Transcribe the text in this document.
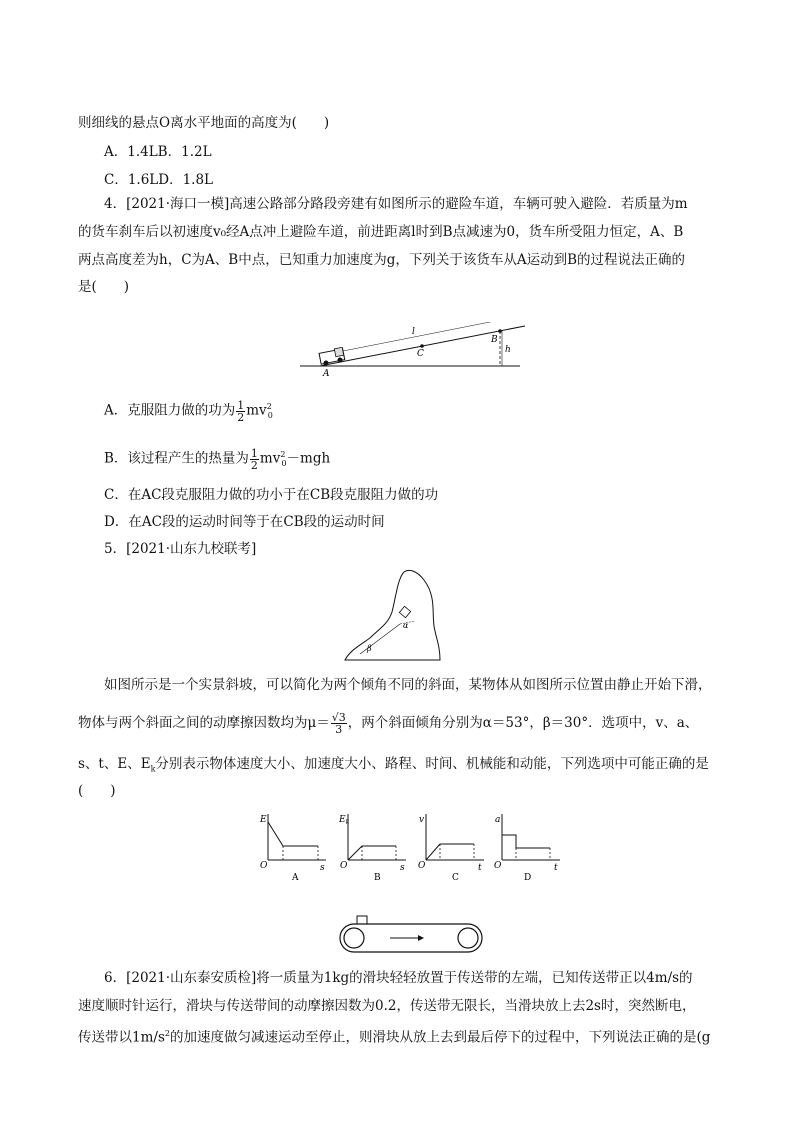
则细线的悬点O离水平地面的高度为(　　)
A．1.4LB．1.2L
C．1.6LD．1.8L
4．[2021·海口一模]高速公路部分路段旁建有如图所示的避险车道，车辆可驶入避险．若质量为m
的货车刹车后以初速度v₀经A点冲上避险车道，前进距离l时到B点减速为0，货车所受阻力恒定，A、B
两点高度差为h，C为A、B中点，已知重力加速度为g，下列关于该货车从A运动到B的过程说法正确的
是(　　)
l
B
C
A
h
A．克服阻力做的功为 $\frac{1}{2} mv^2_0$
B．该过程产生的热量为 $\frac{1}{2} mv^2_0-mgh$
C．在AC段克服阻力做的功小于在CB段克服阻力做的功
D．在AC段的运动时间等于在CB段的运动时间
5．[2021·山东九校联考]
α
β
如图所示是一个实景斜坡，可以简化为两个倾角不同的斜面，某物体从如图所示位置由静止开始下滑，
物体与两个斜面之间的动摩擦因数均为$\mu= \frac{√3}{3}$ ，两个斜面倾角分别为α＝53°，β＝30°．选项中，v、a、
s、t、E、$E_k$分别表示物体速度大小、加速度大小、路程、时间、机械能和动能，下列选项中可能正确的是
(　　)
E
O	s
A
$E_k$
O	s
B
v
O	t
C
a
O	t
D
6．[2021·山东泰安质检]将一质量为1kg的滑块轻轻放置于传送带的左端，已知传送带正以4m/s的
速度顺时针运行，滑块与传送带间的动摩擦因数为0.2，传送带无限长，当滑块放上去2s时，突然断电，
传送带以$1m/s^2$的加速度做匀减速运动至停止，则滑块从放上去到最后停下的过程中，下列说法正确的是(g
